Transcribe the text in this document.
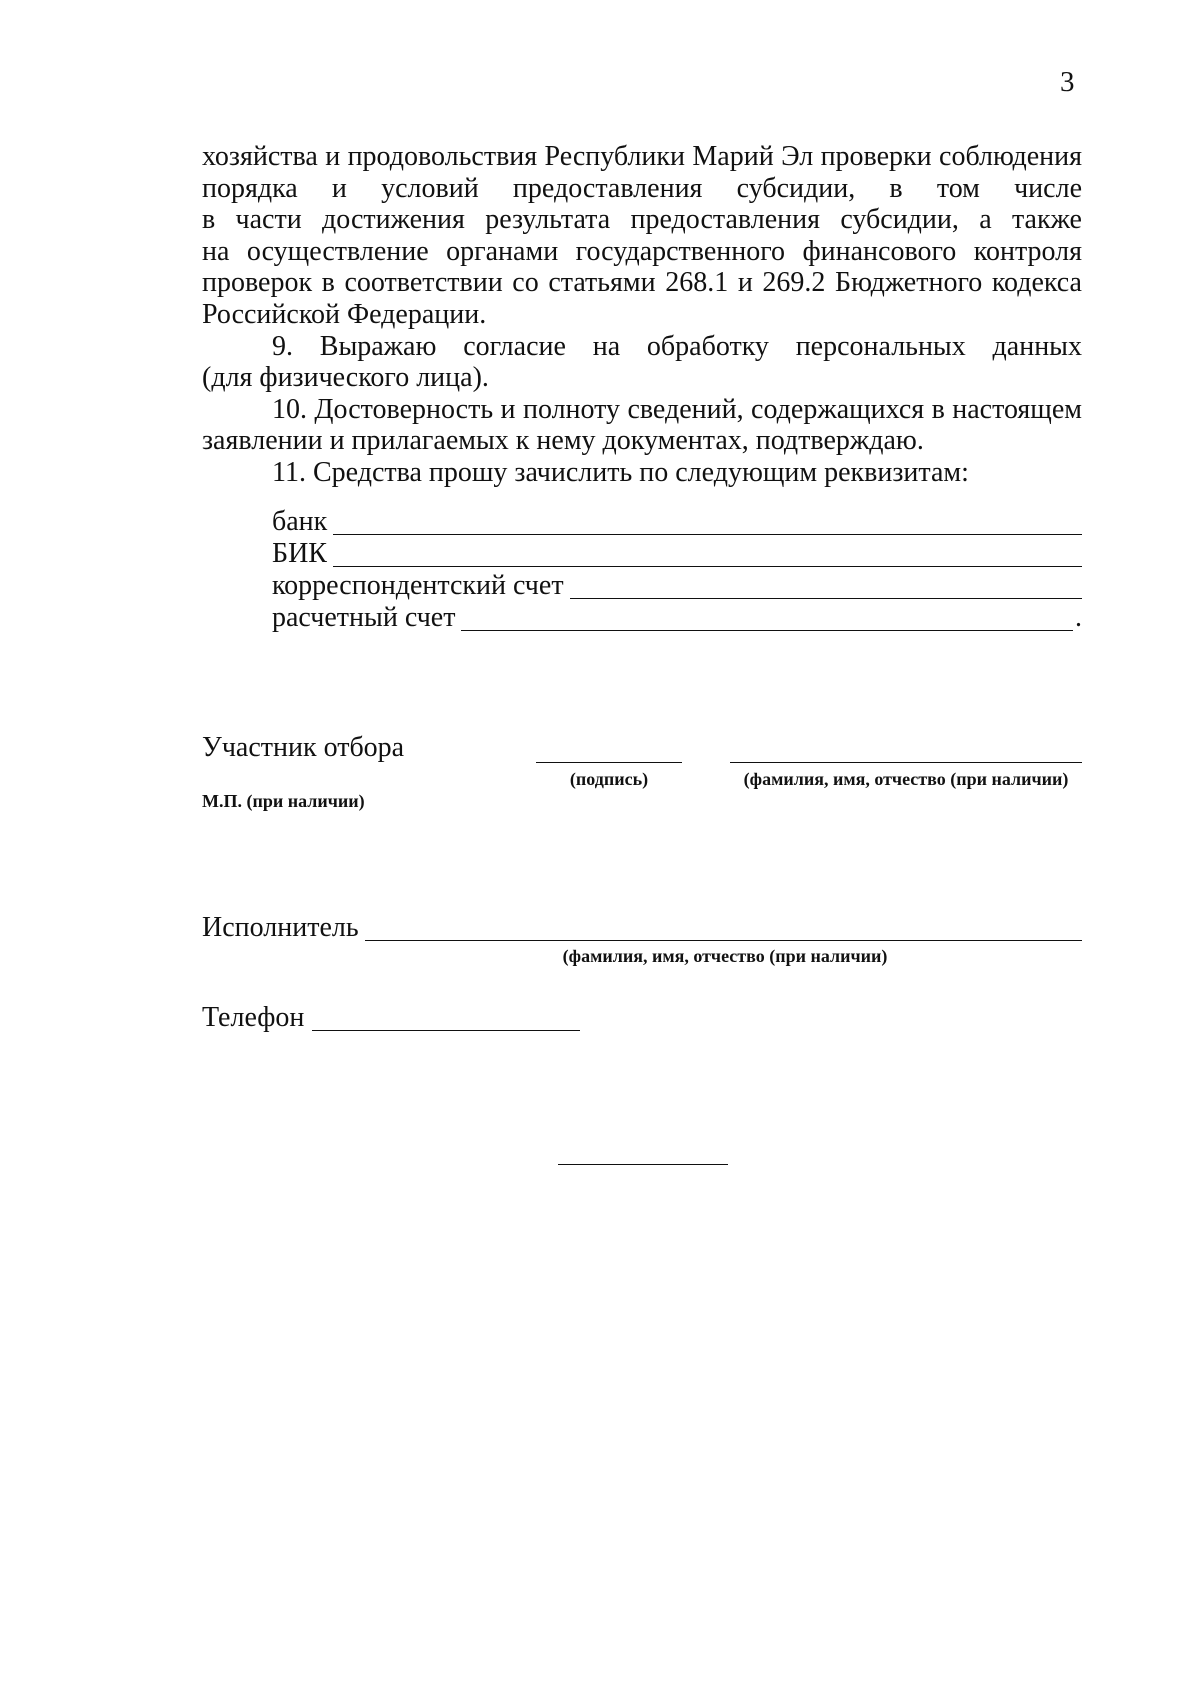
3

хозяйства и продовольствия Республики Марий Эл проверки соблюдения

порядка и условий предоставления субсидии, в том числе

в части достижения результата предоставления субсидии, а также

на осуществление органами государственного финансового контроля

проверок в соответствии со статьями 268.1 и 269.2 Бюджетного кодекса

Российской Федерации.

9. Выражаю согласие на обработку персональных данных

(для физического лица).

10. Достоверность и полноту сведений, содержащихся в настоящем

заявлении и прилагаемых к нему документах, подтверждаю.

11. Средства прошу зачислить по следующим реквизитам:

банк
БИК
корреспондентский счет
расчетный счет	.
Участник отбора
(подпись)	(фамилия, имя, отчество (при наличии)
М.П. (при наличии)
Исполнитель
(фамилия, имя, отчество (при наличии)
Телефон
